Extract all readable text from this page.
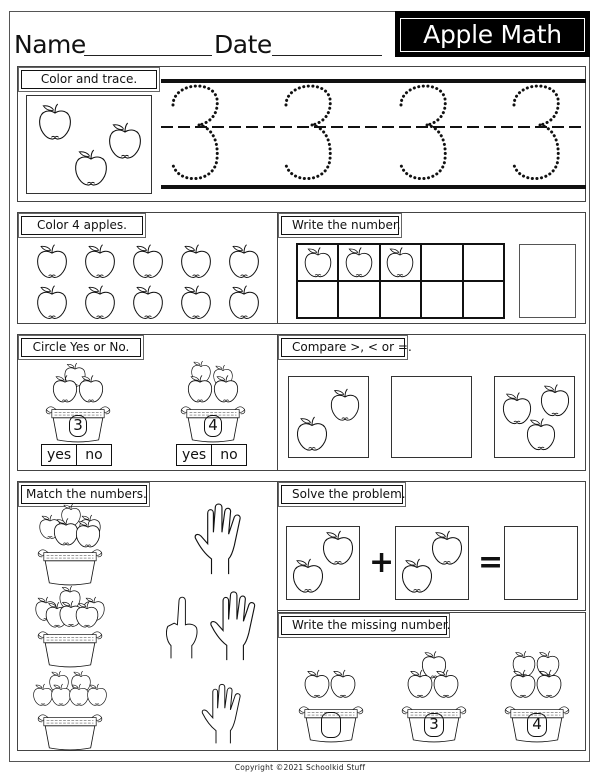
Name	Date	Apple Math
Color and trace.
Color 4 apples.	Write the number.
Circle Yes or No.
3
yes	no
4
yes	no
Compare >, < or =.
Match the numbers.	Solve the problem.
+	=
Write the missing number.
3	4
Copyright ©2021 Schoolkid Stuff
